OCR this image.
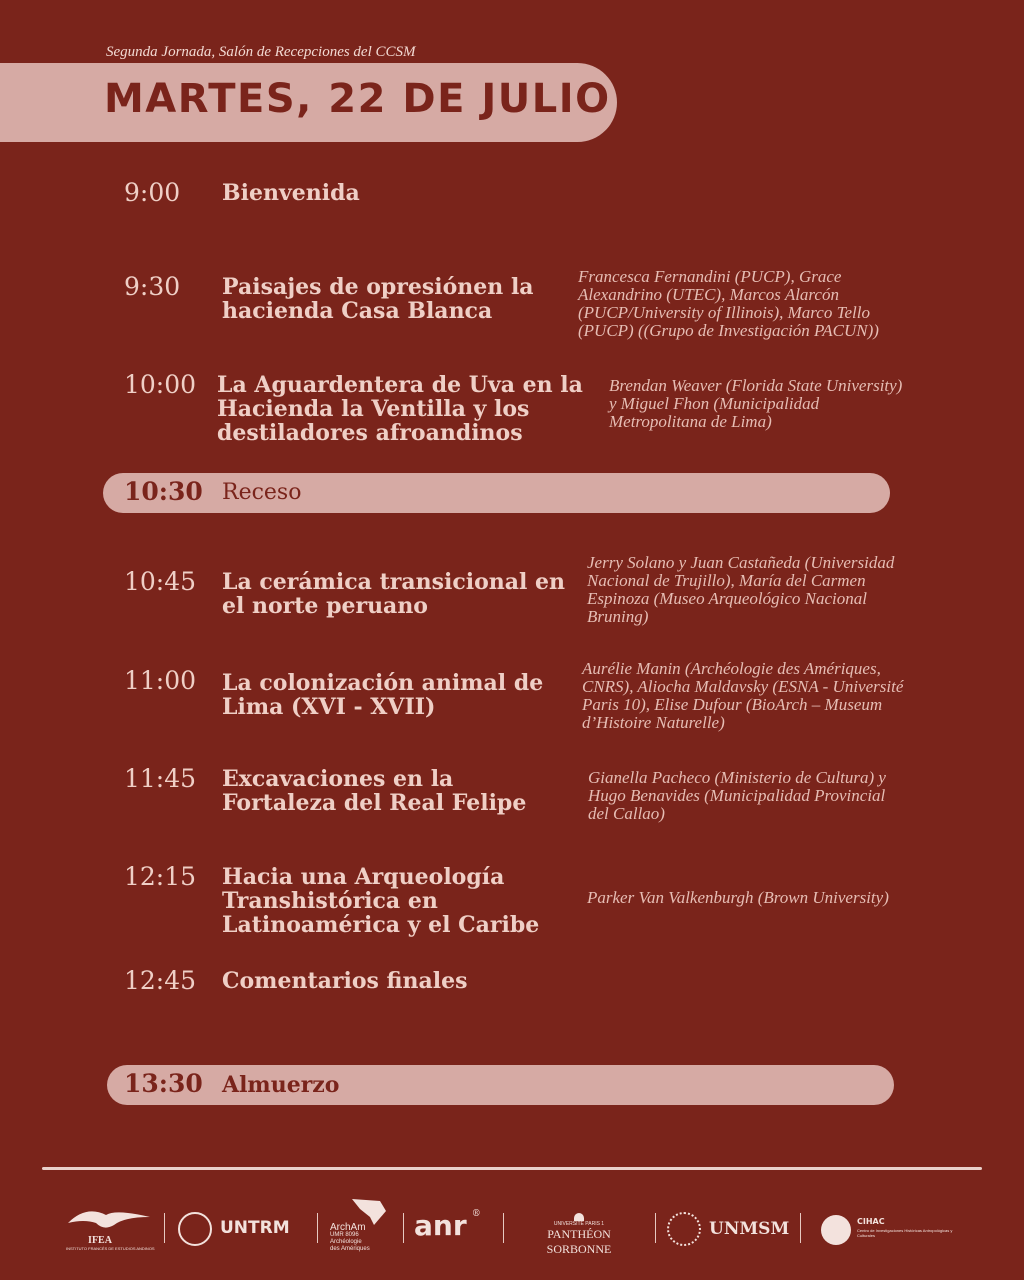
Segunda Jornada, Salón de Recepciones del CCSM
MARTES, 22 DE JULIO
9:00 Bienvenida
9:30 Paisajes de opresiónen la hacienda Casa Blanca
Francesca Fernandini (PUCP), Grace Alexandrino (UTEC), Marcos Alarcón (PUCP/University of Illinois), Marco Tello (PUCP) ((Grupo de Investigación PACUN))
10:00 La Aguardentera de Uva en la Hacienda la Ventilla y los destiladores afroandinos
Brendan Weaver (Florida State University) y Miguel Fhon (Municipalidad Metropolitana de Lima)
10:30 Receso
10:45 La cerámica transicional en el norte peruano
Jerry Solano y Juan Castañeda (Universidad Nacional de Trujillo), María del Carmen Espinoza (Museo Arqueológico Nacional Bruning)
11:00 La colonización animal de Lima (XVI - XVII)
Aurélie Manin (Archéologie des Amériques, CNRS), Aliocha Maldavsky (ESNA - Université Paris 10), Elise Dufour (BioArch – Museum d’Histoire Naturelle)
11:45 Excavaciones en la Fortaleza del Real Felipe
Gianella Pacheco (Ministerio de Cultura) y Hugo Benavides (Municipalidad Provincial del Callao)
12:15 Hacia una Arqueología Transhistórica en Latinoamérica y el Caribe
Parker Van Valkenburgh (Brown University)
12:45 Comentarios finales
13:30 Almuerzo
IFEA
INSTITUTO FRANCÉS DE ESTUDIOS ANDINOS
UNTRM	ArchAm
UMR 8096
Archéologie
des Amériques
anr ®
UNIVERSITÉ PARIS 1
PANTHÉON SORBONNE
UNMSM	CIHAC
Centro de Investigaciones Históricas Antropológicas y Culturales
